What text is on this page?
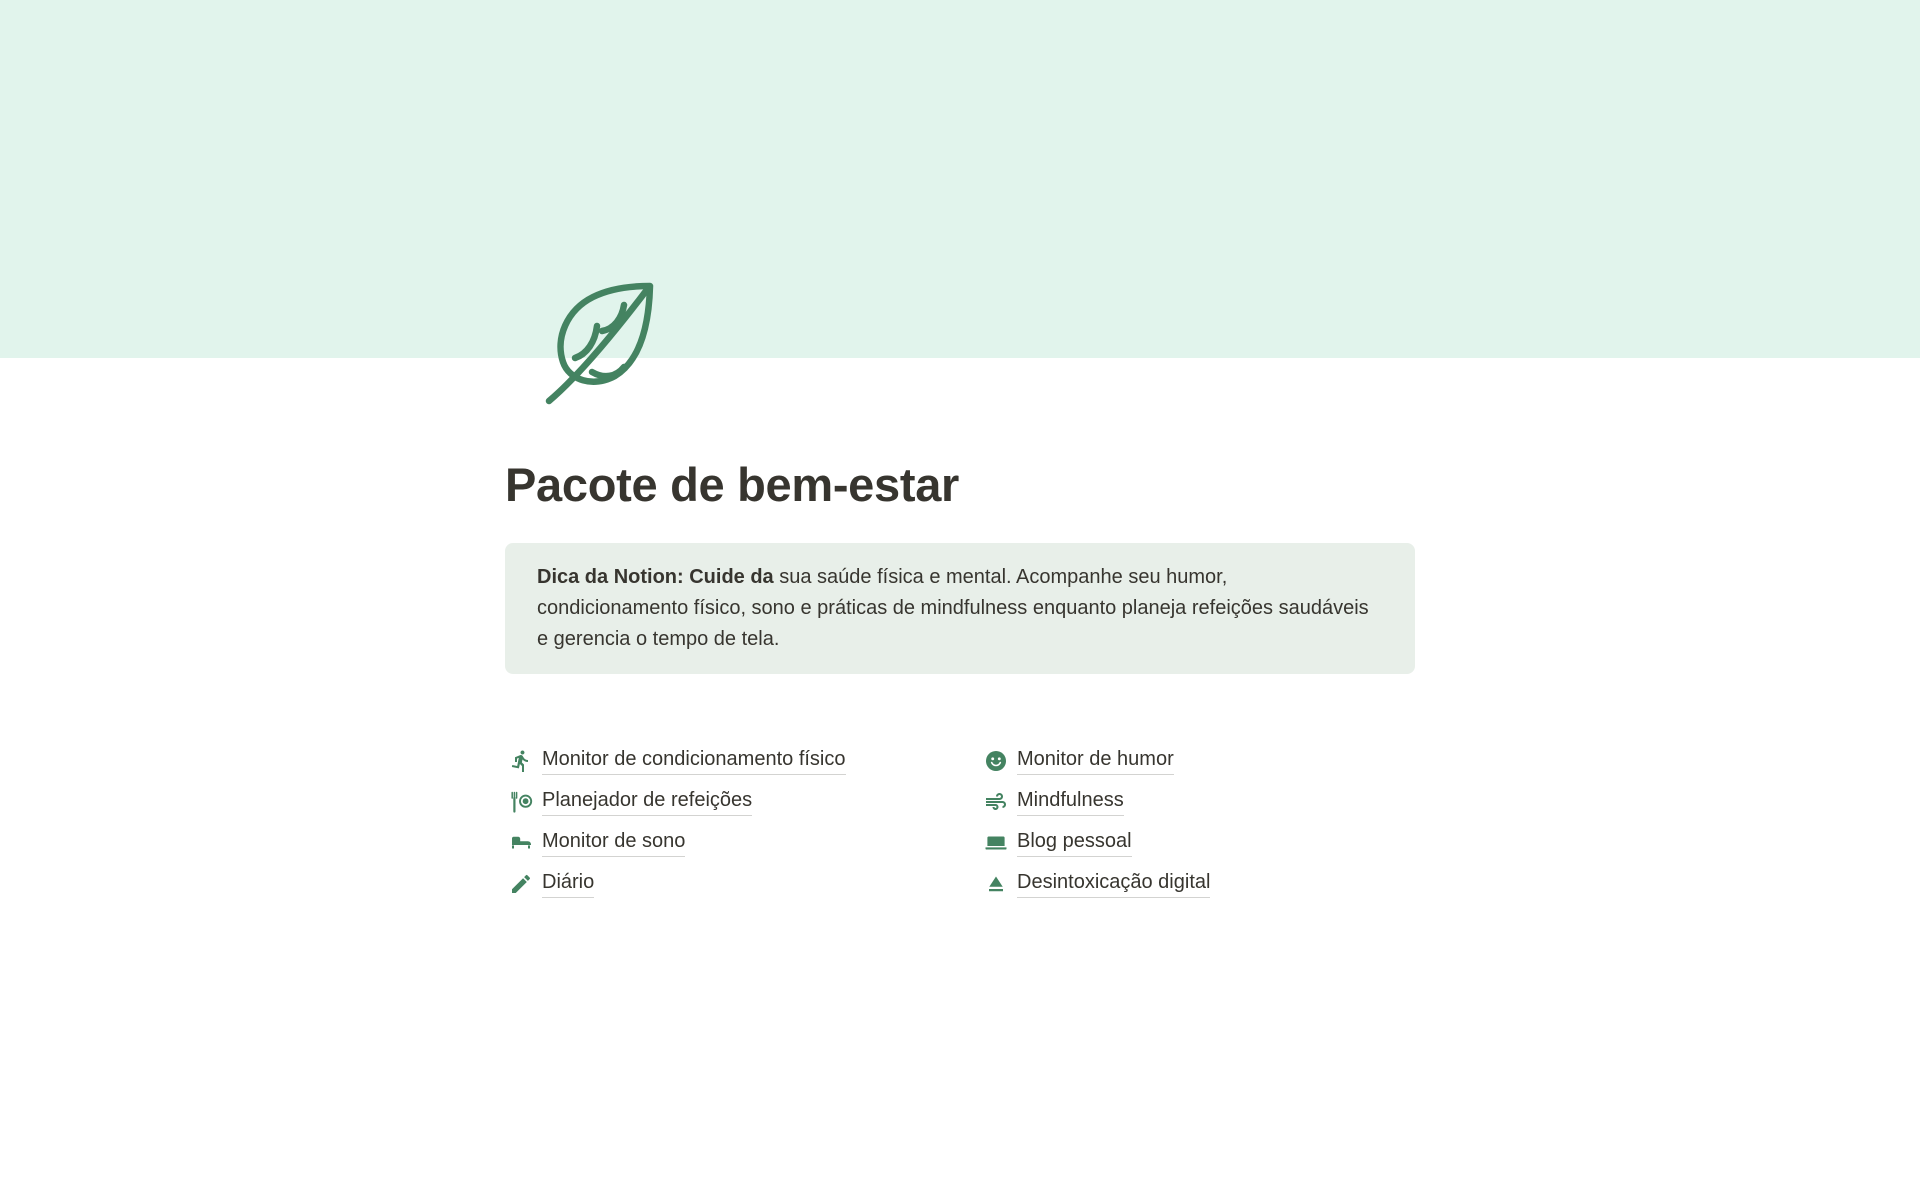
Pacote de bem-estar
Dica da Notion: Cuide da sua saúde física e mental. Acompanhe seu humor, condicionamento físico, sono e práticas de mindfulness enquanto planeja refeições saudáveis e gerencia o tempo de tela.
Monitor de condicionamento físico
Planejador de refeições
Monitor de sono
Diário
Monitor de humor
Mindfulness
Blog pessoal
Desintoxicação digital
